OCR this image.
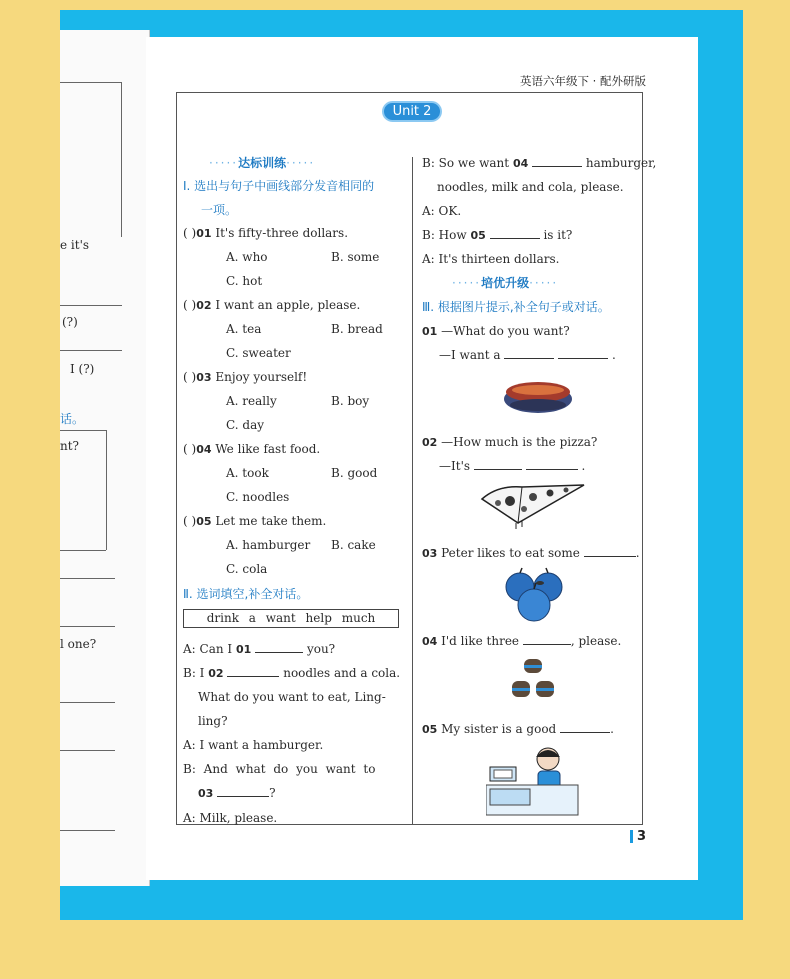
e it's
(?)
I (?)
话。
nt?
l one?
英语六年级下 · 配外研版
Unit 2
·····达标训练·····
Ⅰ. 选出与句子中画线部分发音相同的
一项。
( )01 It's fifty-three dollars.
A. who	B. some
C. hot
( )02 I want an apple, please.
A. tea	B. bread
C. sweater
( )03 Enjoy yourself!
A. really	B. boy
C. day
( )04 We like fast food.
A. took	B. good
C. noodles
( )05 Let me take them.
A. hamburger B. cake
C. cola
Ⅱ. 选词填空,补全对话。
drink a want help much
A: Can I 01	you?
B: I 02	noodles and a cola.
What do you want to eat, Ling-
ling?
A: I want a hamburger.
B: And what do you want to
03	?
A: Milk, please.
B: So we want 04	hamburger,
noodles, milk and cola, please.
A: OK.
B: How 05	is it?
A: It's thirteen dollars.
·····培优升级·····
Ⅲ. 根据图片提示,补全句子或对话。
01 —What do you want?
—I want a	.
02 —How much is the pizza?
—It's	.
03 Peter likes to eat some	.
04 I'd like three	, please.
05 My sister is a good	.
3
